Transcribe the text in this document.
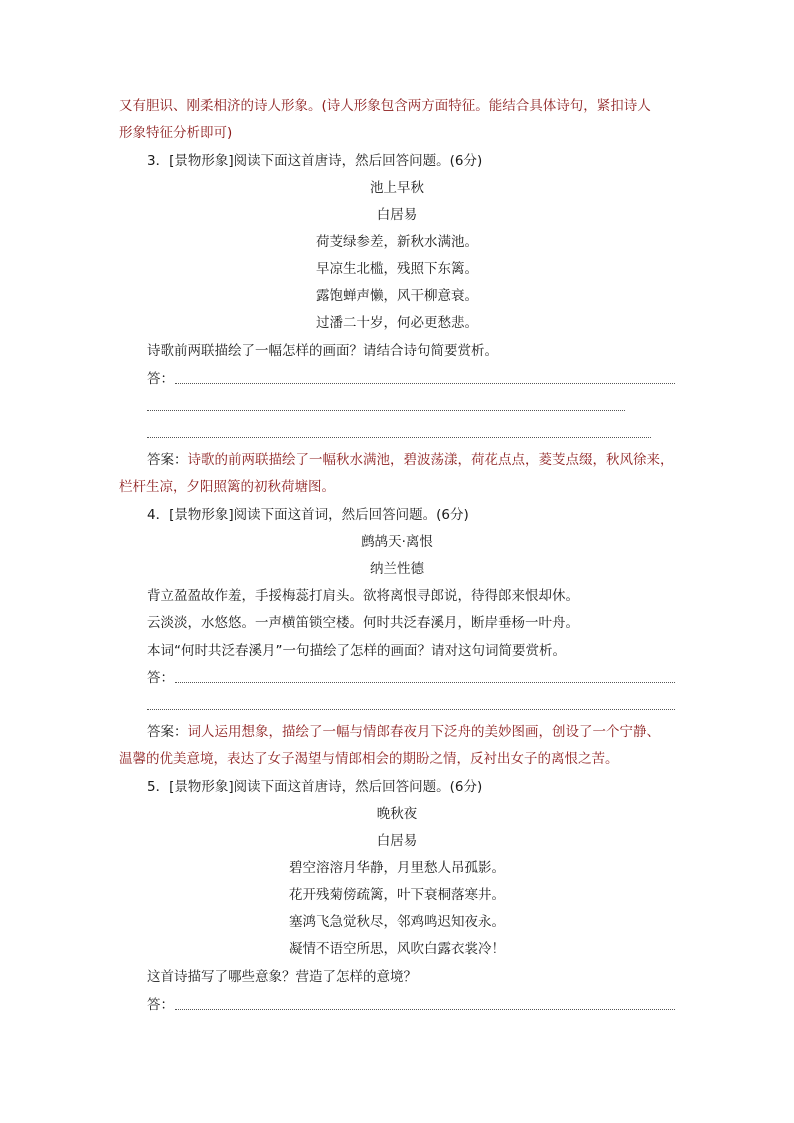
又有胆识、刚柔相济的诗人形象。(诗人形象包含两方面特征。能结合具体诗句，紧扣诗人
形象特征分析即可)
3．[景物形象]阅读下面这首唐诗，然后回答问题。(6分)
池上早秋
白居易
荷芰绿参差，新秋水满池。
早凉生北槛，残照下东篱。
露饱蝉声懒，风干柳意衰。
过潘二十岁，何必更愁悲。
诗歌前两联描绘了一幅怎样的画面？请结合诗句简要赏析。
答：
答案：诗歌的前两联描绘了一幅秋水满池，碧波荡漾，荷花点点，菱芰点缀，秋风徐来，
栏杆生凉，夕阳照篱的初秋荷塘图。
4．[景物形象]阅读下面这首词，然后回答问题。(6分)
鹧鸪天·离恨
纳兰性德
背立盈盈故作羞，手挼梅蕊打肩头。欲将离恨寻郎说，待得郎来恨却休。
云淡淡，水悠悠。一声横笛锁空楼。何时共泛春溪月，断岸垂杨一叶舟。
本词“何时共泛春溪月”一句描绘了怎样的画面？请对这句词简要赏析。
答：
答案：词人运用想象，描绘了一幅与情郎春夜月下泛舟的美妙图画，创设了一个宁静、
温馨的优美意境，表达了女子渴望与情郎相会的期盼之情，反衬出女子的离恨之苦。
5．[景物形象]阅读下面这首唐诗，然后回答问题。(6分)
晚秋夜
白居易
碧空溶溶月华静，月里愁人吊孤影。
花开残菊傍疏篱，叶下衰桐落寒井。
塞鸿飞急觉秋尽，邻鸡鸣迟知夜永。
凝情不语空所思，风吹白露衣裳冷！
这首诗描写了哪些意象？营造了怎样的意境？
答：
